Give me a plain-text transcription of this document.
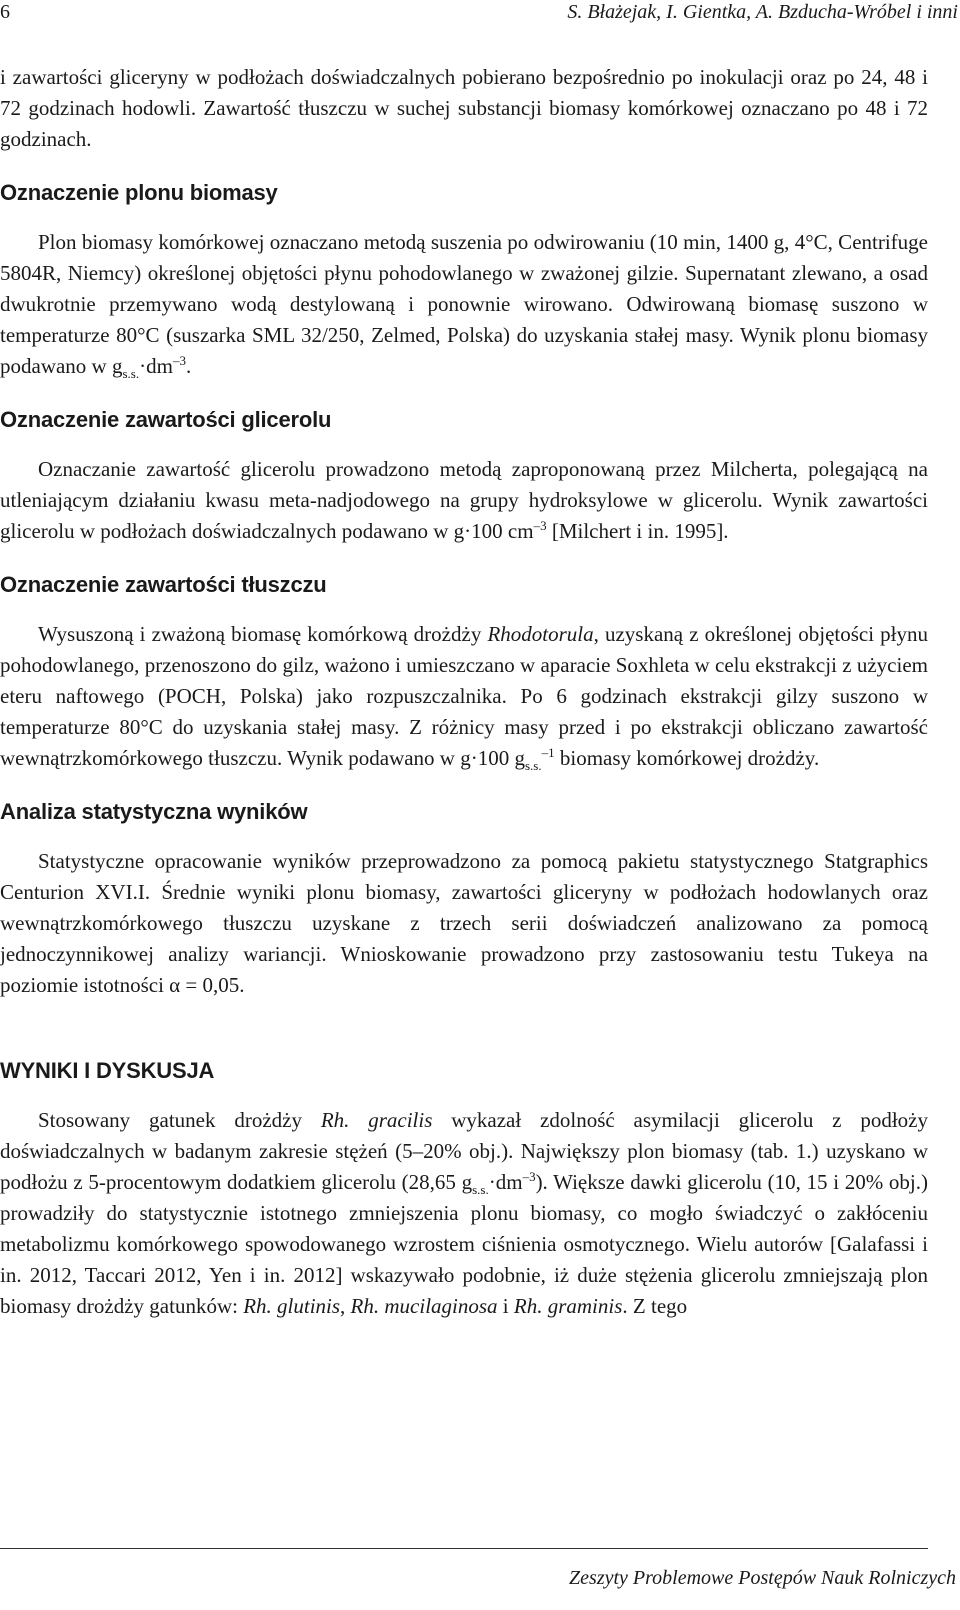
6	S. Błażejak, I. Gientka, A. Bzducha-Wróbel i inni

i zawartości gliceryny w podłożach doświadczalnych pobierano bezpośrednio po inokulacji oraz po 24, 48 i 72 godzinach hodowli. Zawartość tłuszczu w suchej substancji biomasy komórkowej oznaczano po 48 i 72 godzinach.

Oznaczenie plonu biomasy

Plon biomasy komórkowej oznaczano metodą suszenia po odwirowaniu (10 min, 1400 g, 4°C, Centrifuge 5804R, Niemcy) określonej objętości płynu pohodowlanego w zważonej gilzie. Supernatant zlewano, a osad dwukrotnie przemywano wodą destylowaną i ponownie wirowano. Odwirowaną biomasę suszono w temperaturze 80°C (suszarka SML 32/250, Zelmed, Polska) do uzyskania stałej masy. Wynik plonu biomasy podawano w $g_{s.s.}\cdot dm^{-3}$.

Oznaczenie zawartości glicerolu

Oznaczanie zawartość glicerolu prowadzono metodą zaproponowaną przez Milcherta, polegającą na utleniającym działaniu kwasu meta-nadjodowego na grupy hydroksylowe w glicerolu. Wynik zawartości glicerolu w podłożach doświadczalnych podawano w g·100 $cm^{-3}$ [Milchert i in. 1995].

Oznaczenie zawartości tłuszczu

Wysuszoną i zważoną biomasę komórkową drożdży Rhodotorula, uzyskaną z określonej objętości płynu pohodowlanego, przenoszono do gilz, ważono i umieszczano w aparacie Soxhleta w celu ekstrakcji z użyciem eteru naftowego (POCH, Polska) jako rozpuszczalnika. Po 6 godzinach ekstrakcji gilzy suszono w temperaturze 80°C do uzyskania stałej masy. Z różnicy masy przed i po ekstrakcji obliczano zawartość wewnątrzkomórkowego tłuszczu. Wynik podawano w g·100 $g_{s.s.}^{-1}$ biomasy komórkowej drożdży.

Analiza statystyczna wyników

Statystyczne opracowanie wyników przeprowadzono za pomocą pakietu statystycznego Statgraphics Centurion XVI.I. Średnie wyniki plonu biomasy, zawartości gliceryny w podłożach hodowlanych oraz wewnątrzkomórkowego tłuszczu uzyskane z trzech serii doświadczeń analizowano za pomocą jednoczynnikowej analizy wariancji. Wnioskowanie prowadzono przy zastosowaniu testu Tukeya na poziomie istotności α = 0,05.

WYNIKI I DYSKUSJA

Stosowany gatunek drożdży Rh. gracilis wykazał zdolność asymilacji glicerolu z podłoży doświadczalnych w badanym zakresie stężeń (5–20% obj.). Największy plon biomasy (tab. 1.) uzyskano w podłożu z 5-procentowym dodatkiem glicerolu (28,65 $g_{s.s.}\cdot dm^{-3}$). Większe dawki glicerolu (10, 15 i 20% obj.) prowadziły do statystycznie istotnego zmniejszenia plonu biomasy, co mogło świadczyć o zakłóceniu metabolizmu komórkowego spowodowanego wzrostem ciśnienia osmotycznego. Wielu autorów [Galafassi i in. 2012, Taccari 2012, Yen i in. 2012] wskazywało podobnie, iż duże stężenia glicerolu zmniejszają plon biomasy drożdży gatunków: Rh. glutinis, Rh. mucilaginosa i Rh. graminis. Z tego

Zeszyty Problemowe Postępów Nauk Rolniczych
